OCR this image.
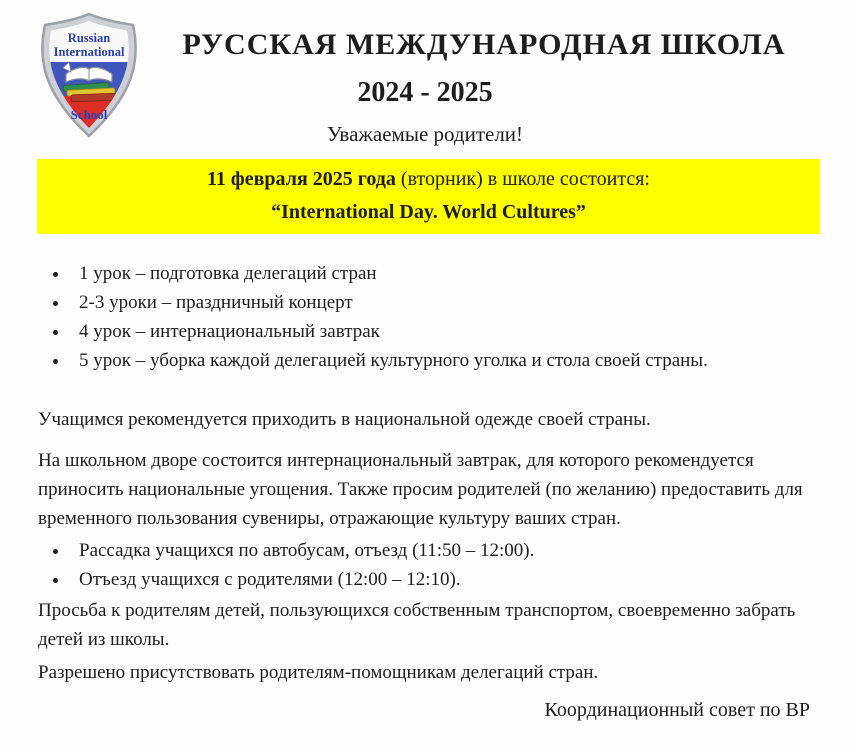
Russian
International
School
РУССКАЯ МЕЖДУНАРОДНАЯ ШКОЛА
2024 - 2025
Уважаемые родители!
11 февраля 2025 года (вторник) в школе состоится:
“International Day. World Cultures”
• 1 урок – подготовка делегаций стран
• 2-3 уроки – праздничный концерт
• 4 урок – интернациональный завтрак
• 5 урок – уборка каждой делегацией культурного уголка и стола своей страны.

Учащимся рекомендуется приходить в национальной одежде своей страны.

На школьном дворе состоится интернациональный завтрак, для которого рекомендуется приносить национальные угощения. Также просим родителей (по желанию) предоставить для временного пользования сувениры, отражающие культуру ваших стран.

• Рассадка учащихся по автобусам, отъезд (11:50 – 12:00).
• Отъезд учащихся с родителями (12:00 – 12:10).

Просьба к родителям детей, пользующихся собственным транспортом, своевременно забрать детей из школы.

Разрешено присутствовать родителям-помощникам делегаций стран.

Координационный совет по ВР
